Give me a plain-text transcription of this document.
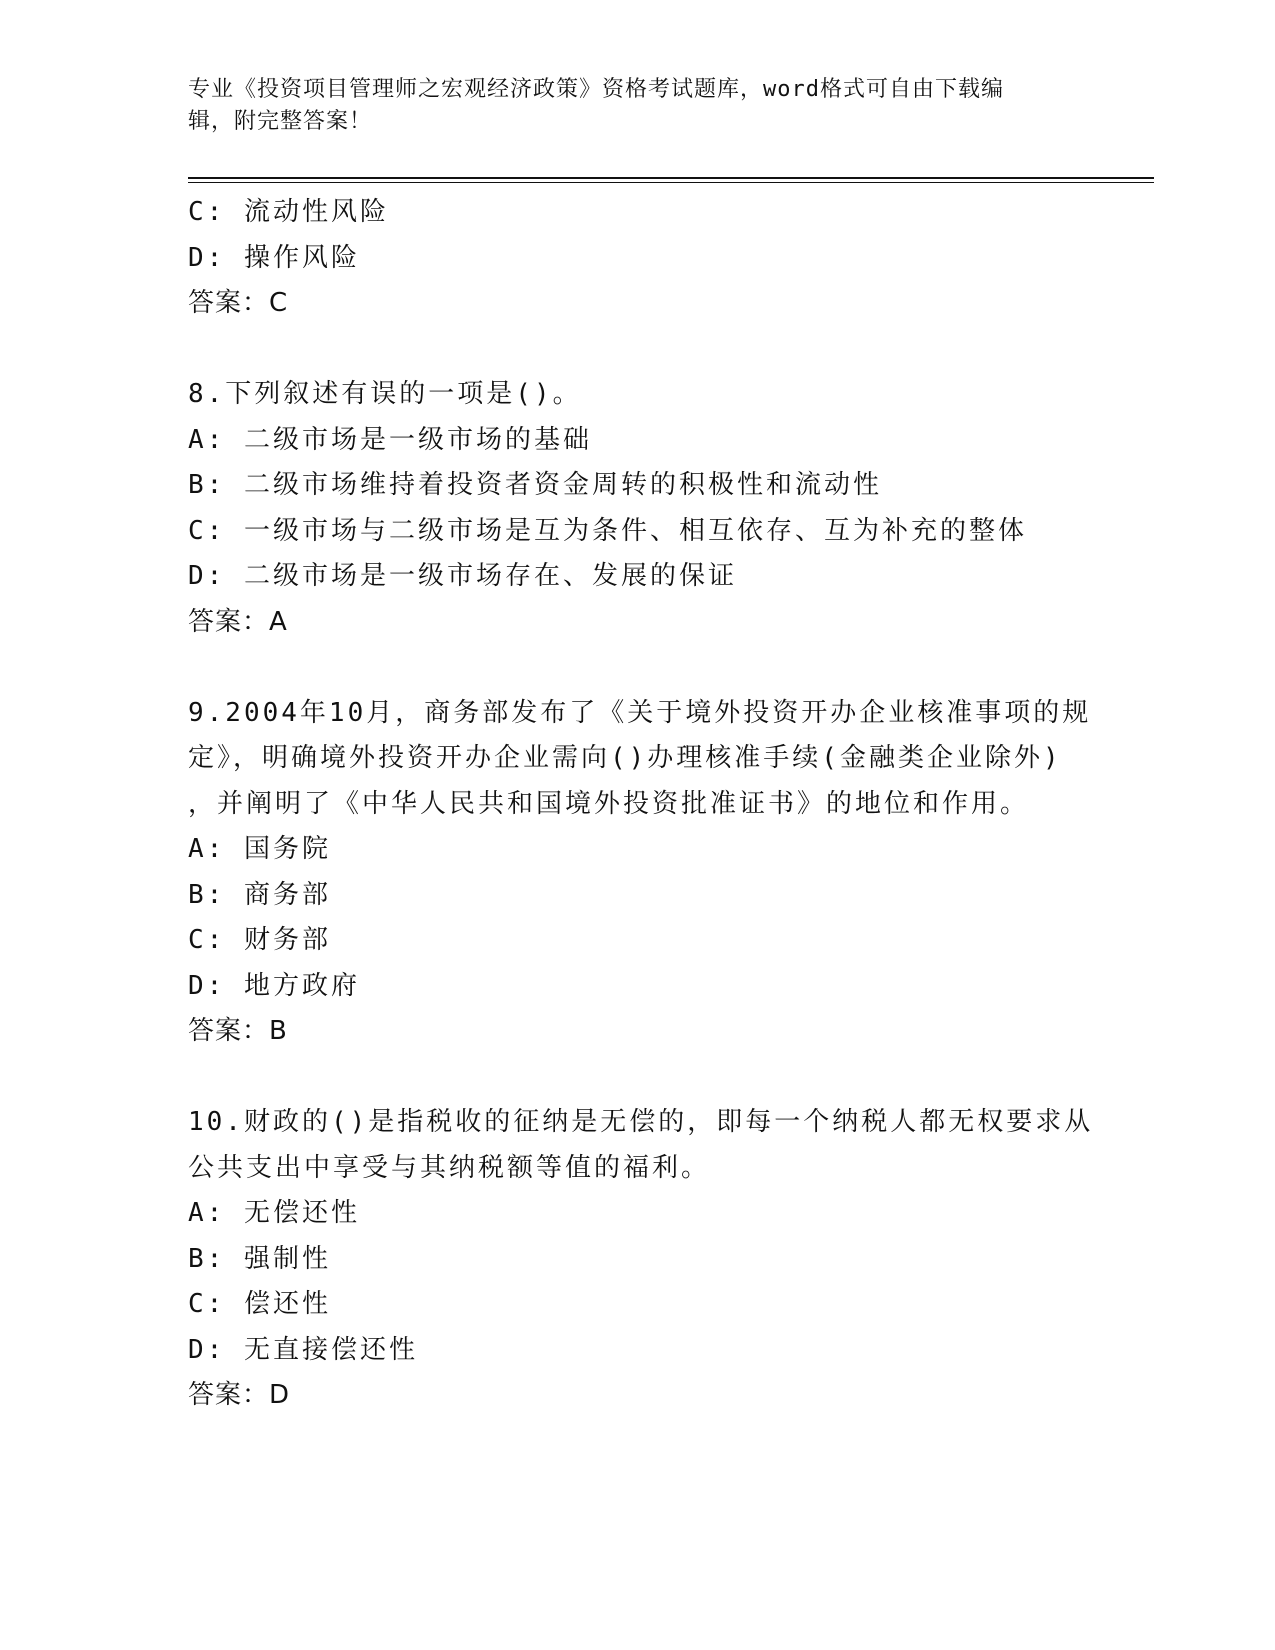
专业《投资项目管理师之宏观经济政策》资格考试题库，word格式可自由下载编
辑，附完整答案！
C: 流动性风险
D: 操作风险
答案：C
8.下列叙述有误的一项是()。
A: 二级市场是一级市场的基础
B: 二级市场维持着投资者资金周转的积极性和流动性
C: 一级市场与二级市场是互为条件、相互依存、互为补充的整体
D: 二级市场是一级市场存在、发展的保证
答案：A
9.2004年10月，商务部发布了《关于境外投资开办企业核准事项的规
定》，明确境外投资开办企业需向()办理核准手续(金融类企业除外)
，并阐明了《中华人民共和国境外投资批准证书》的地位和作用。
A: 国务院
B: 商务部
C: 财务部
D: 地方政府
答案：B
10.财政的()是指税收的征纳是无偿的，即每一个纳税人都无权要求从
公共支出中享受与其纳税额等值的福利。
A: 无偿还性
B: 强制性
C: 偿还性
D: 无直接偿还性
答案：D
